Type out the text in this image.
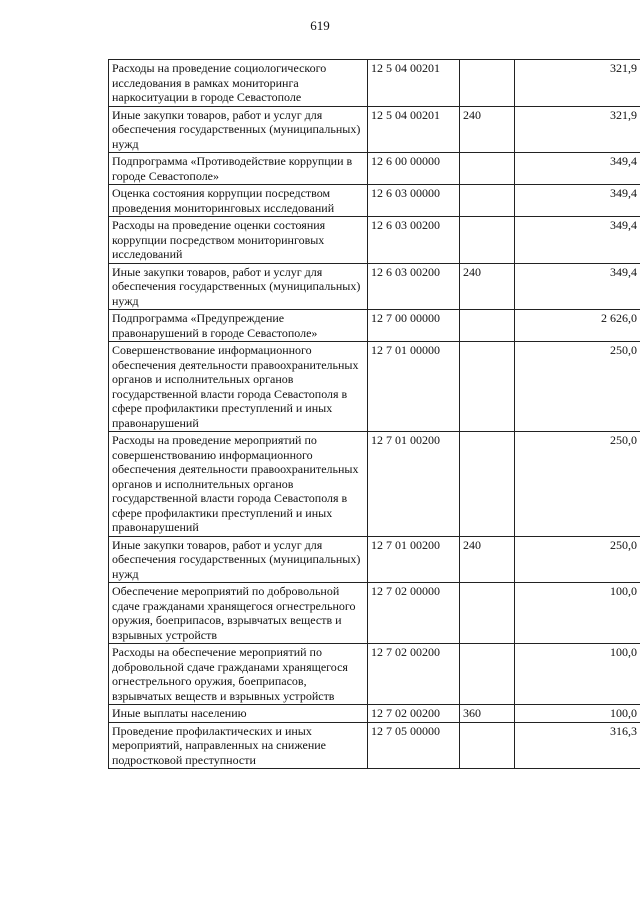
619
Расходы на проведение социологического исследования в рамках мониторинга наркоситуации в городе Севастополе	12 5 04 00201		321,9
Иные закупки товаров, работ и услуг для обеспечения государственных (муниципальных) нужд	12 5 04 00201	240	321,9
Подпрограмма «Противодействие коррупции в городе Севастополе»	12 6 00 00000		349,4
Оценка состояния коррупции посредством проведения мониторинговых исследований	12 6 03 00000		349,4
Расходы на проведение оценки состояния коррупции посредством мониторинговых исследований	12 6 03 00200		349,4
Иные закупки товаров, работ и услуг для обеспечения государственных (муниципальных) нужд	12 6 03 00200	240	349,4
Подпрограмма «Предупреждение правонарушений в городе Севастополе»	12 7 00 00000		2 626,0
Совершенствование информационного обеспечения деятельности правоохранительных органов и исполнительных органов государственной власти города Севастополя в сфере профилактики преступлений и иных правонарушений	12 7 01 00000		250,0
Расходы на проведение мероприятий по совершенствованию информационного обеспечения деятельности правоохранительных органов и исполнительных органов государственной власти города Севастополя в сфере профилактики преступлений и иных правонарушений	12 7 01 00200		250,0
Иные закупки товаров, работ и услуг для обеспечения государственных (муниципальных) нужд	12 7 01 00200	240	250,0
Обеспечение мероприятий по добровольной сдаче гражданами хранящегося огнестрельного оружия, боеприпасов, взрывчатых веществ и взрывных устройств	12 7 02 00000		100,0
Расходы на обеспечение мероприятий по добровольной сдаче гражданами хранящегося огнестрельного оружия, боеприпасов, взрывчатых веществ и взрывных устройств	12 7 02 00200		100,0
Иные выплаты населению	12 7 02 00200	360	100,0
Проведение профилактических и иных мероприятий, направленных на снижение подростковой преступности	12 7 05 00000		316,3
